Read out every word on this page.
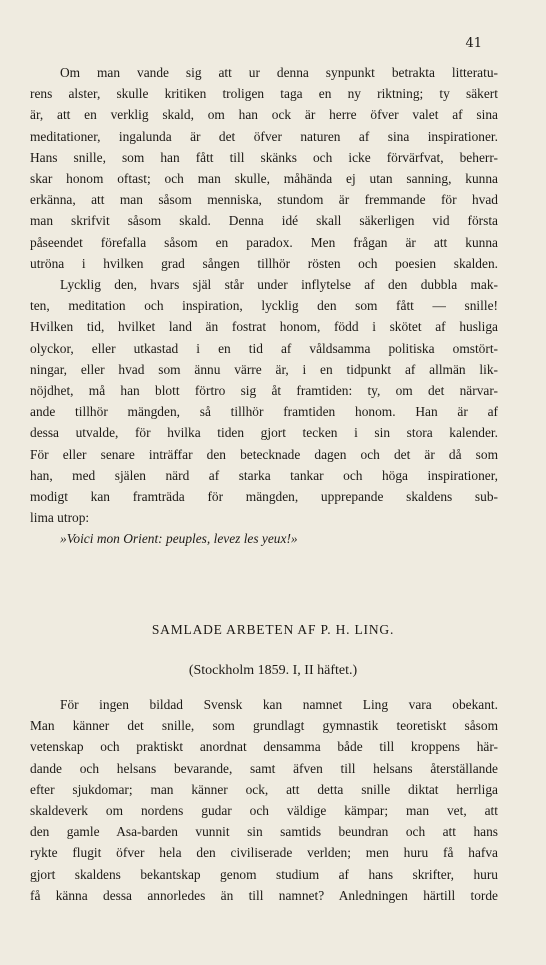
41
Om man vande sig att ur denna synpunkt betrakta litteratu-
rens alster, skulle kritiken troligen taga en ny riktning; ty säkert
är, att en verklig skald, om han ock är herre öfver valet af sina
meditationer, ingalunda är det öfver naturen af sina inspirationer.
Hans snille, som han fått till skänks och icke förvärfvat, beherr-
skar honom oftast; och man skulle, måhända ej utan sanning, kunna
erkänna, att man såsom menniska, stundom är fremmande för hvad
man skrifvit såsom skald. Denna idé skall säkerligen vid första
påseendet förefalla såsom en paradox. Men frågan är att kunna
utröna i hvilken grad sången tillhör rösten och poesien skalden.
Lycklig den, hvars själ står under inflytelse af den dubbla mak-
ten, meditation och inspiration, lycklig den som fått — snille!
Hvilken tid, hvilket land än fostrat honom, född i skötet af husliga
olyckor, eller utkastad i en tid af våldsamma politiska omstört-
ningar, eller hvad som ännu värre är, i en tidpunkt af allmän lik-
nöjdhet, må han blott förtro sig åt framtiden: ty, om det närvar-
ande tillhör mängden, så tillhör framtiden honom. Han är af
dessa utvalde, för hvilka tiden gjort tecken i sin stora kalender.
För eller senare inträffar den betecknade dagen och det är då som
han, med själen närd af starka tankar och höga inspirationer,
modigt kan framträda för mängden, upprepande skaldens sub-
lima utrop:
»Voici mon Orient: peuples, levez les yeux!»
SAMLADE ARBETEN AF P. H. LING.
(Stockholm 1859. I, II häftet.)
För ingen bildad Svensk kan namnet Ling vara obekant.
Man känner det snille, som grundlagt gymnastik teoretiskt såsom
vetenskap och praktiskt anordnat densamma både till kroppens här-
dande och helsans bevarande, samt äfven till helsans återställande
efter sjukdomar; man känner ock, att detta snille diktat herrliga
skaldeverk om nordens gudar och väldige kämpar; man vet, att
den gamle Asa-barden vunnit sin samtids beundran och att hans
rykte flugit öfver hela den civiliserade verlden; men huru få hafva
gjort skaldens bekantskap genom studium af hans skrifter, huru
få känna dessa annorledes än till namnet? Anledningen härtill torde
